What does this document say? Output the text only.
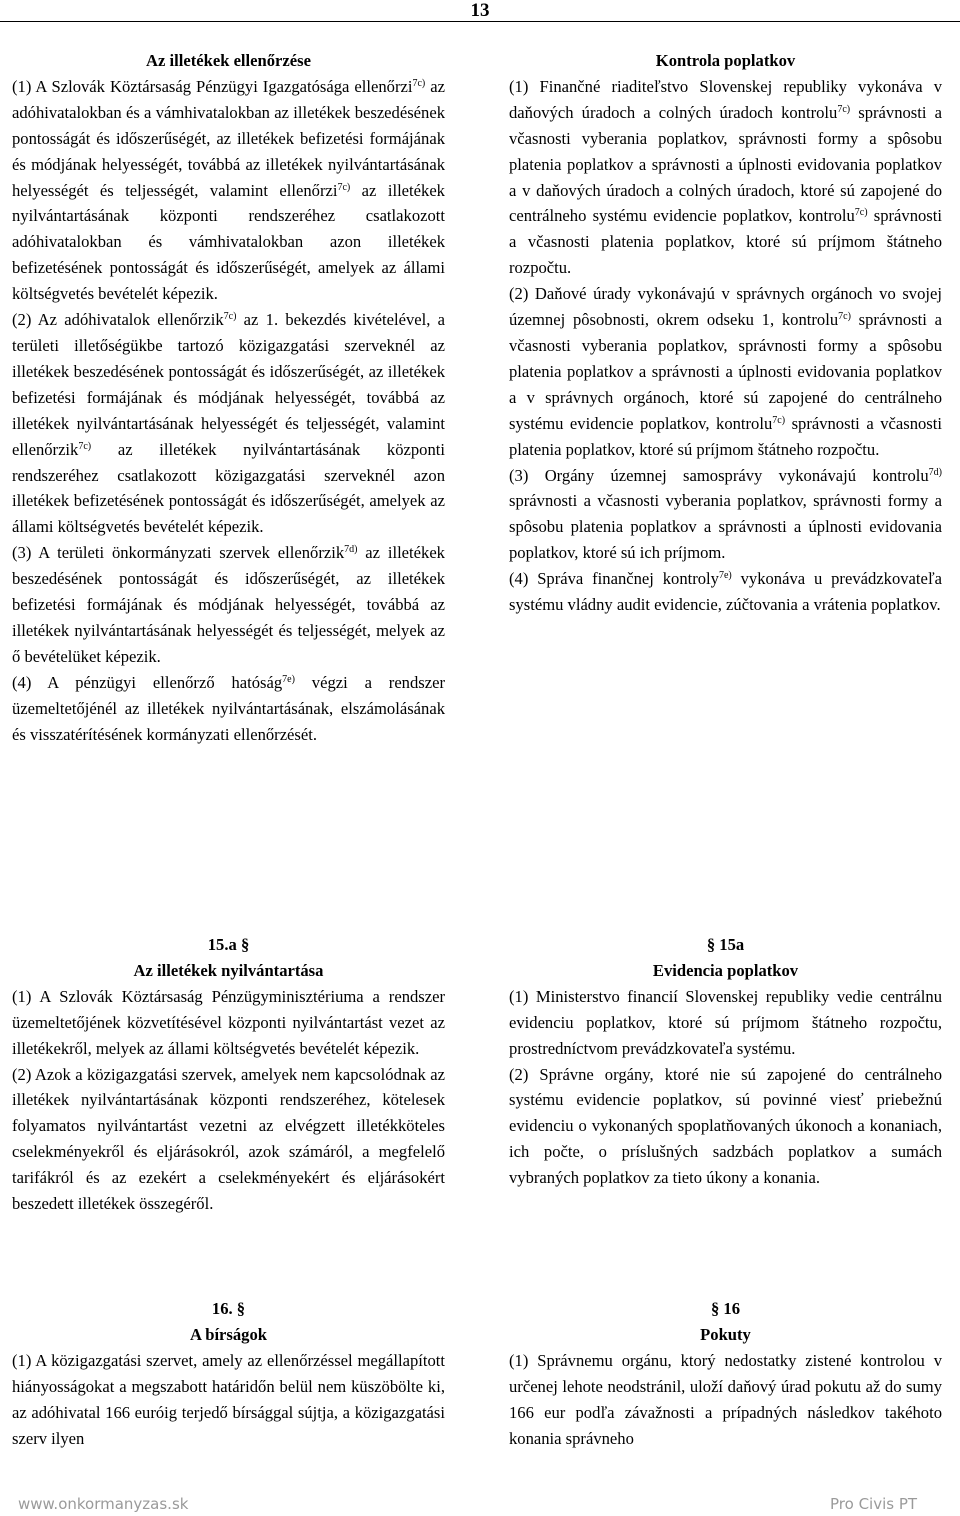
13

Az illetékek ellenőrzése

(1) A Szlovák Köztársaság Pénzügyi Igazgatósága ellenőrzi$^{7c)}$ az adóhivatalokban és a vámhivatalokban az illetékek beszedésének pontosságát és időszerűségét, az illetékek befizetési formájának és módjának helyességét, továbbá az illetékek nyilvántartásának helyességét és teljességét, valamint ellenőrzi$^{7c)}$ az illetékek nyilvántartásának központi rendszeréhez csatlakozott adóhivatalokban és vámhivatalokban azon illetékek befizetésének pontosságát és időszerűségét, amelyek az állami költségvetés bevételét képezik.

(2) Az adóhivatalok ellenőrzik$^{7c)}$ az 1. bekezdés kivételével, a területi illetőségükbe tartozó közigazgatási szerveknél az illetékek beszedésének pontosságát és időszerűségét, az illetékek befizetési formájának és módjának helyességét, továbbá az illetékek nyilvántartásának helyességét és teljességét, valamint ellenőrzik$^{7c)}$ az illetékek nyilvántartásának központi rendszeréhez csatlakozott közigazgatási szerveknél azon illetékek befizetésének pontosságát és időszerűségét, amelyek az állami költségvetés bevételét képezik.

(3) A területi önkormányzati szervek ellenőrzik$^{7d)}$ az illetékek beszedésének pontosságát és időszerűségét, az illetékek befizetési formájának és módjának helyességét, továbbá az illetékek nyilvántartásának helyességét és teljességét, melyek az ő bevételüket képezik.

(4) A pénzügyi ellenőrző hatóság$^{7e)}$ végzi a rendszer üzemeltetőjénél az illetékek nyilvántartásának, elszámolásának és visszatérítésének kormányzati ellenőrzését.

Kontrola poplatkov

(1) Finančné riaditeľstvo Slovenskej republiky vykonáva v daňových úradoch a colných úradoch kontrolu$^{7c)}$ správnosti a včasnosti vyberania poplatkov, správnosti formy a spôsobu platenia poplatkov a správnosti a úplnosti evidovania poplatkov a v daňových úradoch a colných úradoch, ktoré sú zapojené do centrálneho systému evidencie poplatkov, kontrolu$^{7c)}$ správnosti a včasnosti platenia poplatkov, ktoré sú príjmom štátneho rozpočtu.

(2) Daňové úrady vykonávajú v správnych orgánoch vo svojej územnej pôsobnosti, okrem odseku 1, kontrolu$^{7c)}$ správnosti a včasnosti vyberania poplatkov, správnosti formy a spôsobu platenia poplatkov a správnosti a úplnosti evidovania poplatkov a v správnych orgánoch, ktoré sú zapojené do centrálneho systému evidencie poplatkov, kontrolu$^{7c)}$ správnosti a včasnosti platenia poplatkov, ktoré sú príjmom štátneho rozpočtu.

(3) Orgány územnej samosprávy vykonávajú kontrolu$^{7d)}$ správnosti a včasnosti vyberania poplatkov, správnosti formy a spôsobu platenia poplatkov a správnosti a úplnosti evidovania poplatkov, ktoré sú ich príjmom.

(4) Správa finančnej kontroly$^{7e)}$ vykonáva u prevádzkovateľa systému vládny audit evidencie, zúčtovania a vrátenia poplatkov.

15.a §

Az illetékek nyilvántartása

(1) A Szlovák Köztársaság Pénzügyminisztériuma a rendszer üzemeltetőjének közvetítésével központi nyilvántartást vezet az illetékekről, melyek az állami költségvetés bevételét képezik.

(2) Azok a közigazgatási szervek, amelyek nem kapcsolódnak az illetékek nyilvántartásának központi rendszeréhez, kötelesek folyamatos nyilvántartást vezetni az elvégzett illetékköteles cselekményekről és eljárásokról, azok számáról, a megfelelő tarifákról és az ezekért a cselekményekért és eljárásokért beszedett illetékek összegéről.

§ 15a

Evidencia poplatkov

(1) Ministerstvo financií Slovenskej republiky vedie centrálnu evidenciu poplatkov, ktoré sú príjmom štátneho rozpočtu, prostredníctvom prevádzkovateľa systému.

(2) Správne orgány, ktoré nie sú zapojené do centrálneho systému evidencie poplatkov, sú povinné viesť priebežnú evidenciu o vykonaných spoplatňovaných úkonoch a konaniach, ich počte, o príslušných sadzbách poplatkov a sumách vybraných poplatkov za tieto úkony a konania.

16. §

A bírságok

(1) A közigazgatási szervet, amely az ellenőrzéssel megállapított hiányosságokat a megszabott határidőn belül nem küszöbölte ki, az adóhivatal 166 euróig terjedő bírsággal sújtja, a közigazgatási szerv ilyen

§ 16

Pokuty

(1) Správnemu orgánu, ktorý nedostatky zistené kontrolou v určenej lehote neodstránil, uloží daňový úrad pokutu až do sumy 166 eur podľa závažnosti a prípadných následkov takéhoto konania správneho

www.onkormanyzas.sk	Pro Civis PT
